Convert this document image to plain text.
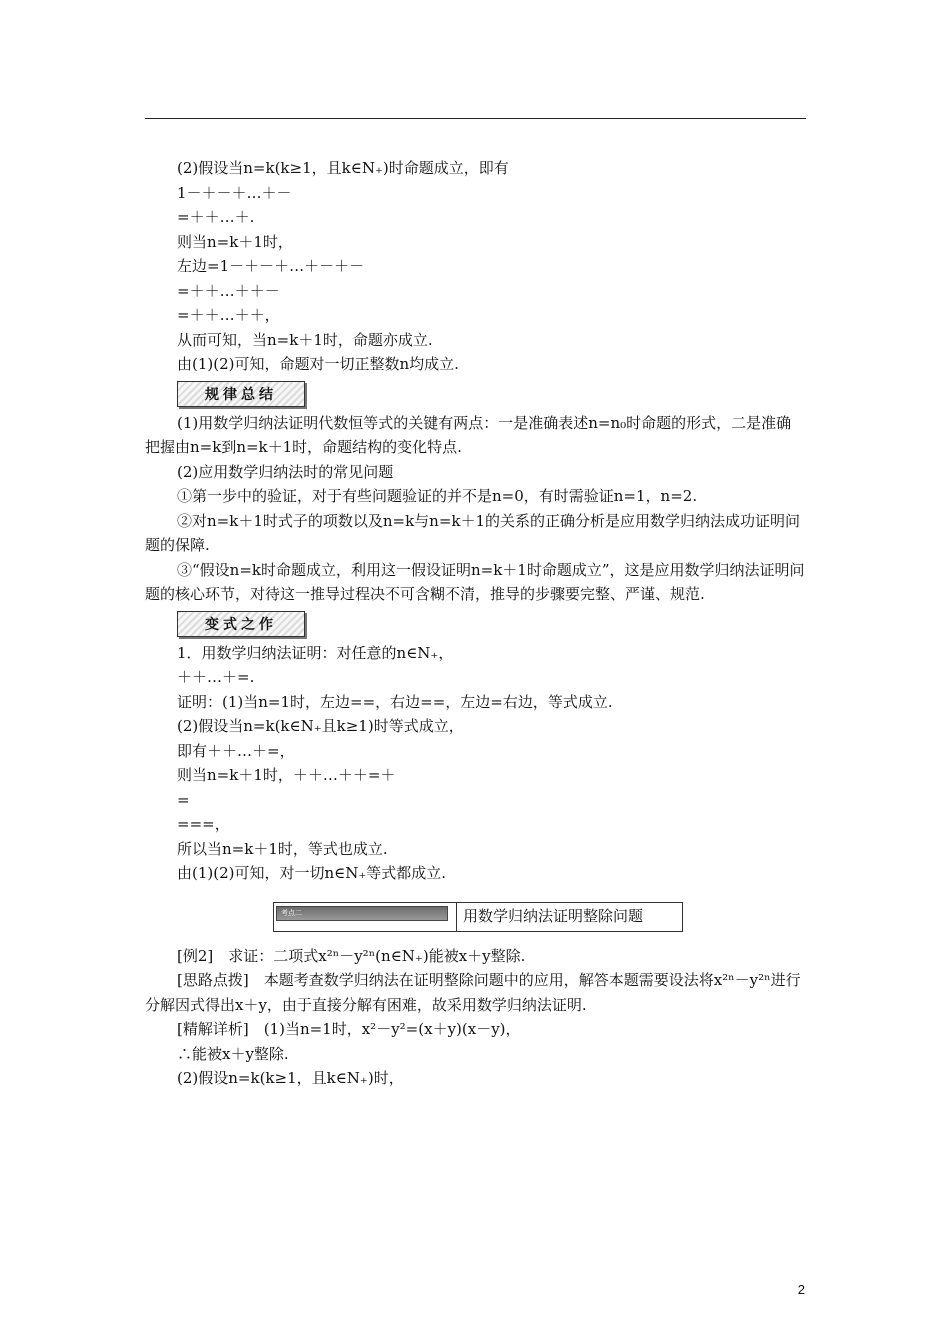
(2)假设当n=k(k≥1，且k∈N₊)时命题成立，即有
1－＋－＋…＋－
=＋＋…＋.
则当n=k＋1时，
左边=1－＋－＋…＋－＋－
=＋＋…＋＋－
=＋＋…＋＋，
从而可知，当n=k＋1时，命题亦成立.
由(1)(2)可知，命题对一切正整数n均成立.
规律总结
(1)用数学归纳法证明代数恒等式的关键有两点：一是准确表述n=n₀时命题的形式，二是准确把握由n=k到n=k＋1时，命题结构的变化特点.
(2)应用数学归纳法时的常见问题
①第一步中的验证，对于有些问题验证的并不是n=0，有时需验证n=1，n=2.
②对n=k＋1时式子的项数以及n=k与n=k＋1的关系的正确分析是应用数学归纳法成功证明问题的保障.
③“假设n=k时命题成立，利用这一假设证明n=k＋1时命题成立”，这是应用数学归纳法证明问题的核心环节，对待这一推导过程决不可含糊不清，推导的步骤要完整、严谨、规范.
变式之作
1．用数学归纳法证明：对任意的n∈N₊，
＋＋…＋=.
证明：(1)当n=1时，左边==，右边==，左边=右边，等式成立.
(2)假设当n=k(k∈N₊且k≥1)时等式成立，
即有＋＋…＋=，
则当n=k＋1时，＋＋…＋＋=＋
=
===，
所以当n=k＋1时，等式也成立.
由(1)(2)可知，对一切n∈N₊等式都成立.
考点二	用数学归纳法证明整除问题
[例2]　求证：二项式x²ⁿ－y²ⁿ(n∈N₊)能被x＋y整除.
[思路点拨]　本题考查数学归纳法在证明整除问题中的应用，解答本题需要设法将x²ⁿ－y²ⁿ进行分解因式得出x＋y，由于直接分解有困难，故采用数学归纳法证明.
[精解详析]　(1)当n=1时，x²－y²=(x＋y)(x－y)，
∴能被x＋y整除.
(2)假设n=k(k≥1，且k∈N₊)时，
2
